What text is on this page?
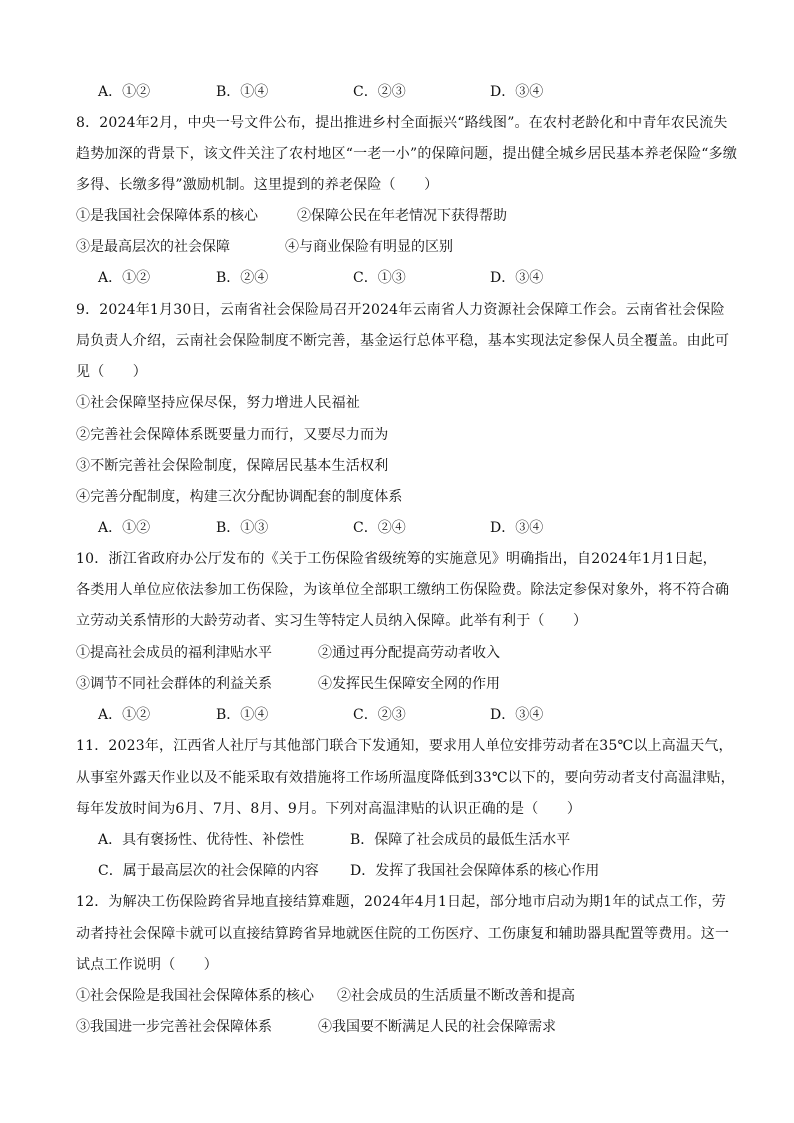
A．①②	B．①④	C．②③	D．③④
8．2024年2月，中央一号文件公布，提出推进乡村全面振兴“路线图”。在农村老龄化和中青年农民流失
趋势加深的背景下，该文件关注了农村地区“一老一小”的保障问题，提出健全城乡居民基本养老保险“多缴
多得、长缴多得”激励机制。这里提到的养老保险（　　）
①是我国社会保障体系的核心	②保障公民在年老情况下获得帮助
③是最高层次的社会保障	④与商业保险有明显的区别
A．①②	B．②④	C．①③	D．③④
9．2024年1月30日，云南省社会保险局召开2024年云南省人力资源社会保障工作会。云南省社会保险
局负责人介绍，云南社会保险制度不断完善，基金运行总体平稳，基本实现法定参保人员全覆盖。由此可
见（　　）
①社会保障坚持应保尽保，努力增进人民福祉
②完善社会保障体系既要量力而行，又要尽力而为
③不断完善社会保险制度，保障居民基本生活权利
④完善分配制度，构建三次分配协调配套的制度体系
A．①②	B．①③	C．②④	D．③④
10．浙江省政府办公厅发布的《关于工伤保险省级统筹的实施意见》明确指出，自2024年1月1日起，
各类用人单位应依法参加工伤保险，为该单位全部职工缴纳工伤保险费。除法定参保对象外，将不符合确
立劳动关系情形的大龄劳动者、实习生等特定人员纳入保障。此举有利于（　　）
①提高社会成员的福利津贴水平	②通过再分配提高劳动者收入
③调节不同社会群体的利益关系	④发挥民生保障安全网的作用
A．①②	B．①④	C．②③	D．③④
11．2023年，江西省人社厅与其他部门联合下发通知，要求用人单位安排劳动者在35℃以上高温天气，
从事室外露天作业以及不能采取有效措施将工作场所温度降低到33℃以下的，要向劳动者支付高温津贴，
每年发放时间为6月、7月、8月、9月。下列对高温津贴的认识正确的是（　　）
A．具有褒扬性、优待性、补偿性	B．保障了社会成员的最低生活水平
C．属于最高层次的社会保障的内容 D．发挥了我国社会保障体系的核心作用
12．为解决工伤保险跨省异地直接结算难题，2024年4月1日起，部分地市启动为期1年的试点工作，劳
动者持社会保障卡就可以直接结算跨省异地就医住院的工伤医疗、工伤康复和辅助器具配置等费用。这一
试点工作说明（　　）
①社会保险是我国社会保障体系的核心 ②社会成员的生活质量不断改善和提高
③我国进一步完善社会保障体系	④我国要不断满足人民的社会保障需求
